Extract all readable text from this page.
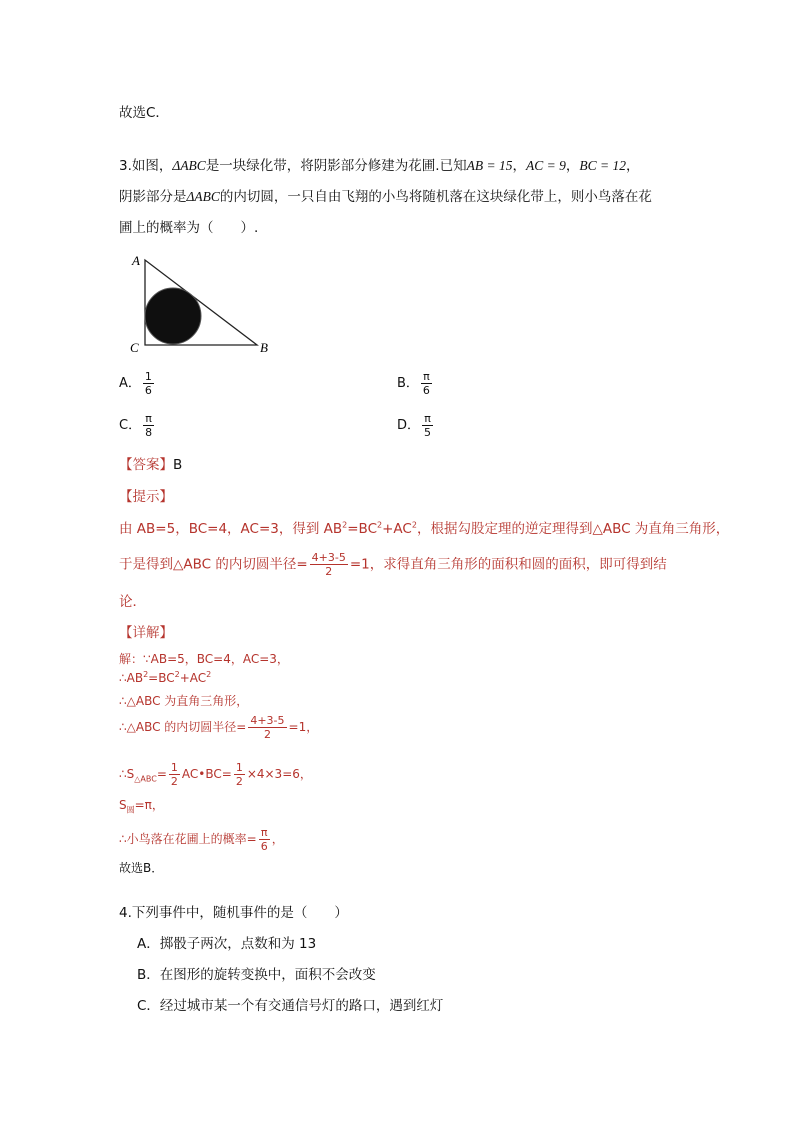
故选C．
3.如图，ΔABC是一块绿化带，将阴影部分修建为花圃.已知AB = 15，AC = 9，BC = 12，
阴影部分是ΔABC的内切圆，一只自由飞翔的小鸟将随机落在这块绿化带上，则小鸟落在花
圃上的概率为（　　）.
A
C	B
A． $\frac{1}{6}$	B． $\frac{\pi}{6}$
C． $\frac{\pi}{8}$	D． $\frac{\pi}{5}$
【答案】B
【提示】
由 AB=5，BC=4，AC=3，得到 $AB^2=BC^2+AC^2$，根据勾股定理的逆定理得到△ABC 为直角三角形，
于是得到△ABC 的内切圆半径= $\frac{4+3-5}{2} =1$，求得直角三角形的面积和圆的面积，即可得到结
论．
【详解】
解：∵AB=5，BC=4，AC=3，
$\therefore AB^2=BC^2+AC^2$
∴△ABC 为直角三角形，
∴△ABC 的内切圆半径= $\frac{4+3-5}{2} =1$，
$\therefore S_{\triangle ABC}= \frac{1}{2}$ AC•BC= $\frac{1}{2} \times 4\times 3=6$，
$S_圆=\pi$，
∴小鸟落在花圃上的概率= $\frac{\pi}{6}$ ，
故选B．
4.下列事件中，随机事件的是（　　）
A．掷骰子两次，点数和为 13
B．在图形的旋转变换中，面积不会改变
C．经过城市某一个有交通信号灯的路口，遇到红灯
